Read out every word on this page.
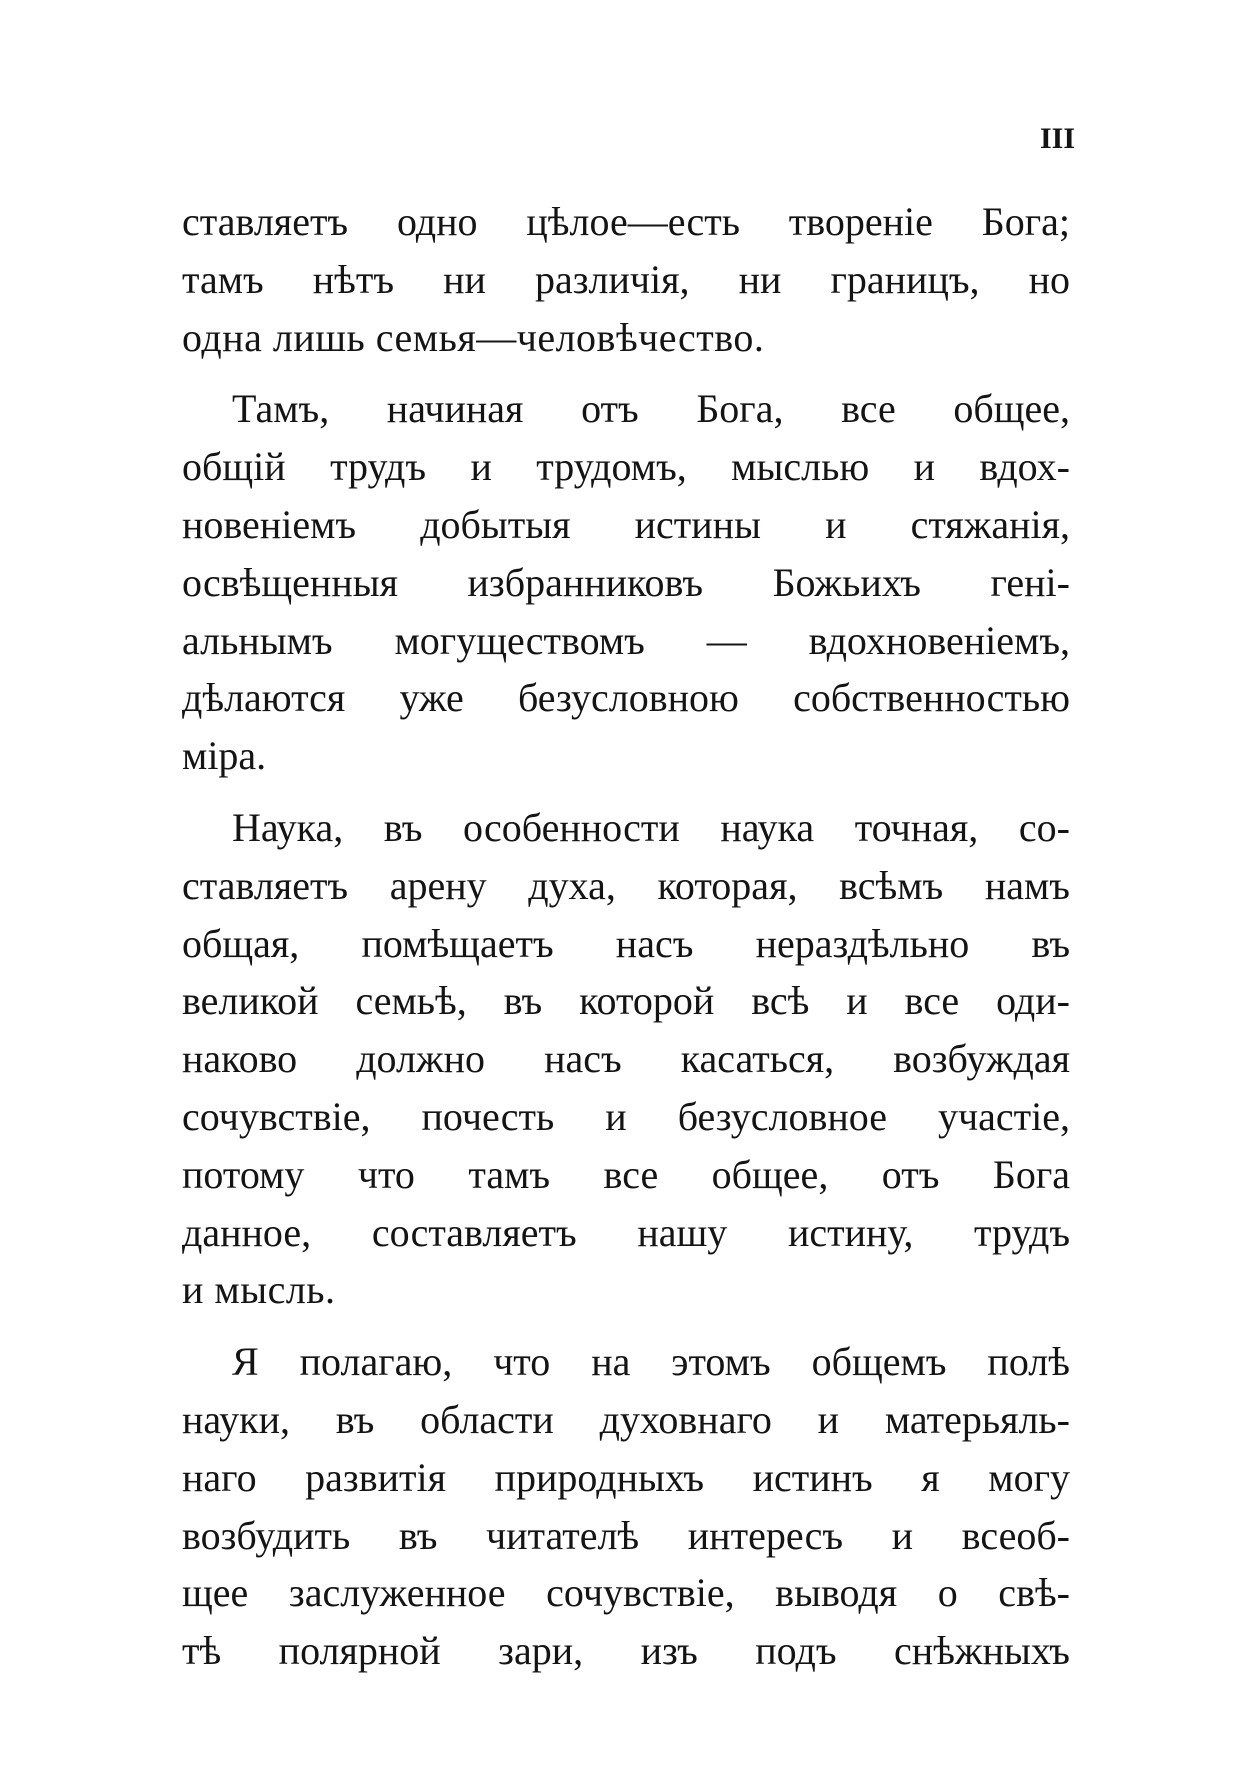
III
ставляетъ одно цѣлое—есть твореніе Бога;
тамъ нѣтъ ни различія, ни границъ, но
одна лишь семья—человѣчество.
Тамъ, начиная отъ Бога, все общее,
общій трудъ и трудомъ, мыслью и вдох-
новеніемъ добытыя истины и стяжанія,
освѣщенныя избранниковъ Божьихъ гені-
альнымъ могуществомъ — вдохновеніемъ,
дѣлаются уже безусловною собственностью
міра.
Наука, въ особенности наука точная, со-
ставляетъ арену духа, которая, всѣмъ намъ
общая, помѣщаетъ насъ нераздѣльно въ
великой семьѣ, въ которой всѣ и все оди-
наково должно насъ касаться, возбуждая
сочувствіе, почесть и безусловное участіе,
потому что тамъ все общее, отъ Бога
данное, составляетъ нашу истину, трудъ
и мысль.
Я полагаю, что на этомъ общемъ полѣ
науки, въ области духовнаго и матерьяль-
наго развитія природныхъ истинъ я могу
возбудить въ читателѣ интересъ и всеоб-
щее заслуженное сочувствіе, выводя о свѣ-
тѣ полярной зари, изъ подъ снѣжныхъ
